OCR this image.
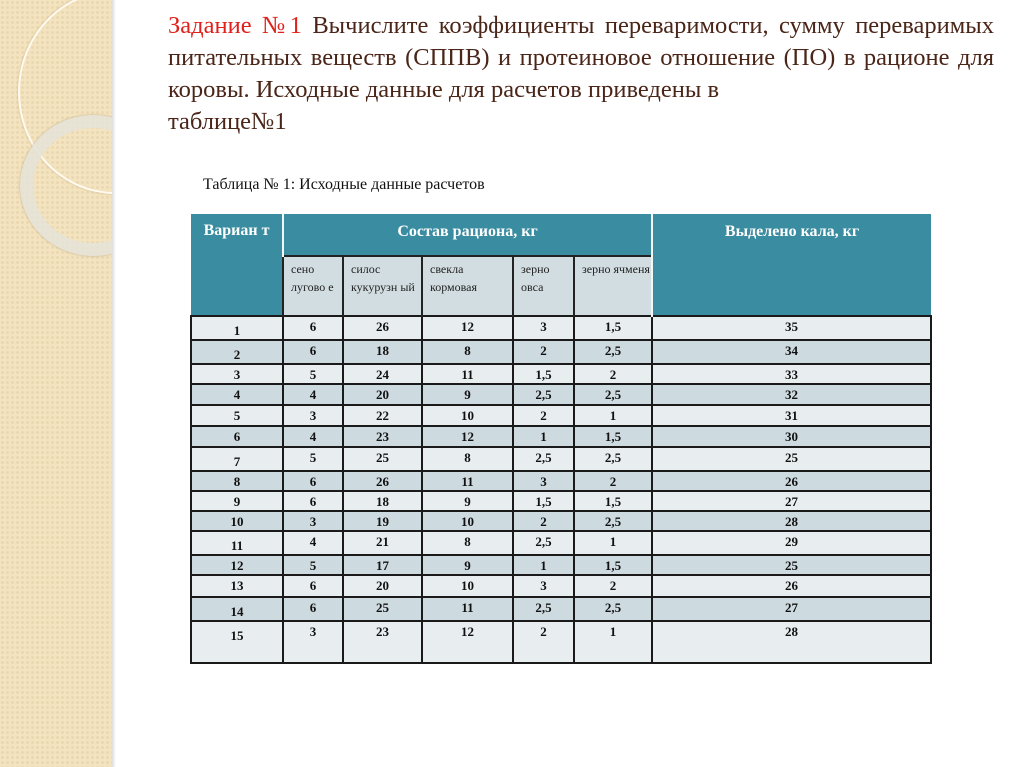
Задание №1 Вычислите коэффициенты переваримости, сумму переваримых питательных веществ (СППВ) и протеиновое отношение (ПО) в рационе для коровы. Исходные данные для расчетов приведены в
таблице№1
Таблица № 1: Исходные данные расчетов
Вариан т	Состав рациона, кг					Выделено кала, кг
	сено лугово е	силос кукурузн ый	свекла кормовая	зерно овса	зерно ячменя	
1	6	26	12	3	1,5	35
2	6	18	8	2	2,5	34
3	5	24	11	1,5	2	33
4	4	20	9	2,5	2,5	32
5	3	22	10	2	1	31
6	4	23	12	1	1,5	30
7	5	25	8	2,5	2,5	25
8	6	26	11	3	2	26
9	6	18	9	1,5	1,5	27
10	3	19	10	2	2,5	28
11	4	21	8	2,5	1	29
12	5	17	9	1	1,5	25
13	6	20	10	3	2	26
14	6	25	11	2,5	2,5	27
15	3	23	12	2	1	28
